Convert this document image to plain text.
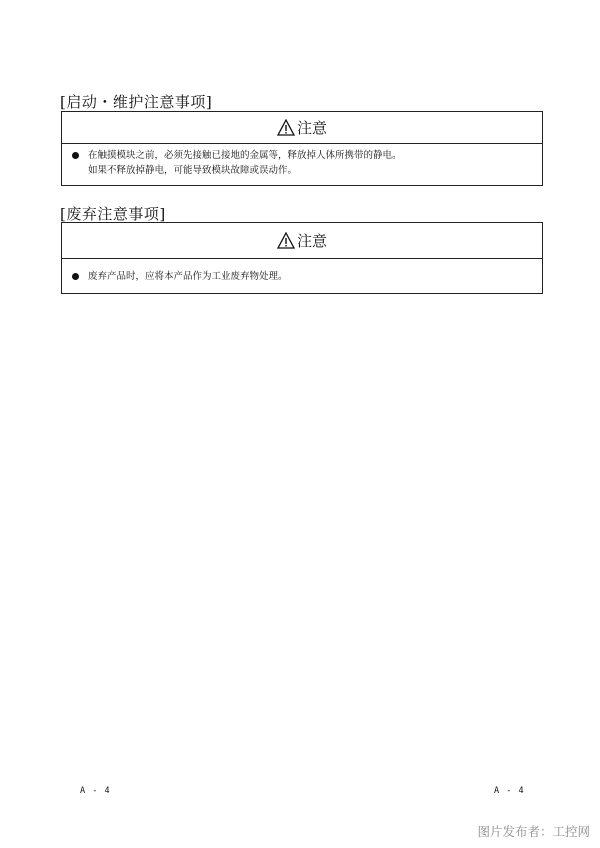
[启动・维护注意事项]
注意

在触摸模块之前，必须先接触已接地的金属等，释放掉人体所携带的静电。

如果不释放掉静电，可能导致模块故障或误动作。

[废弃注意事项]
注意

废弃产品时，应将本产品作为工业废弃物处理。

A - 4	A - 4
图片发布者：工控网
